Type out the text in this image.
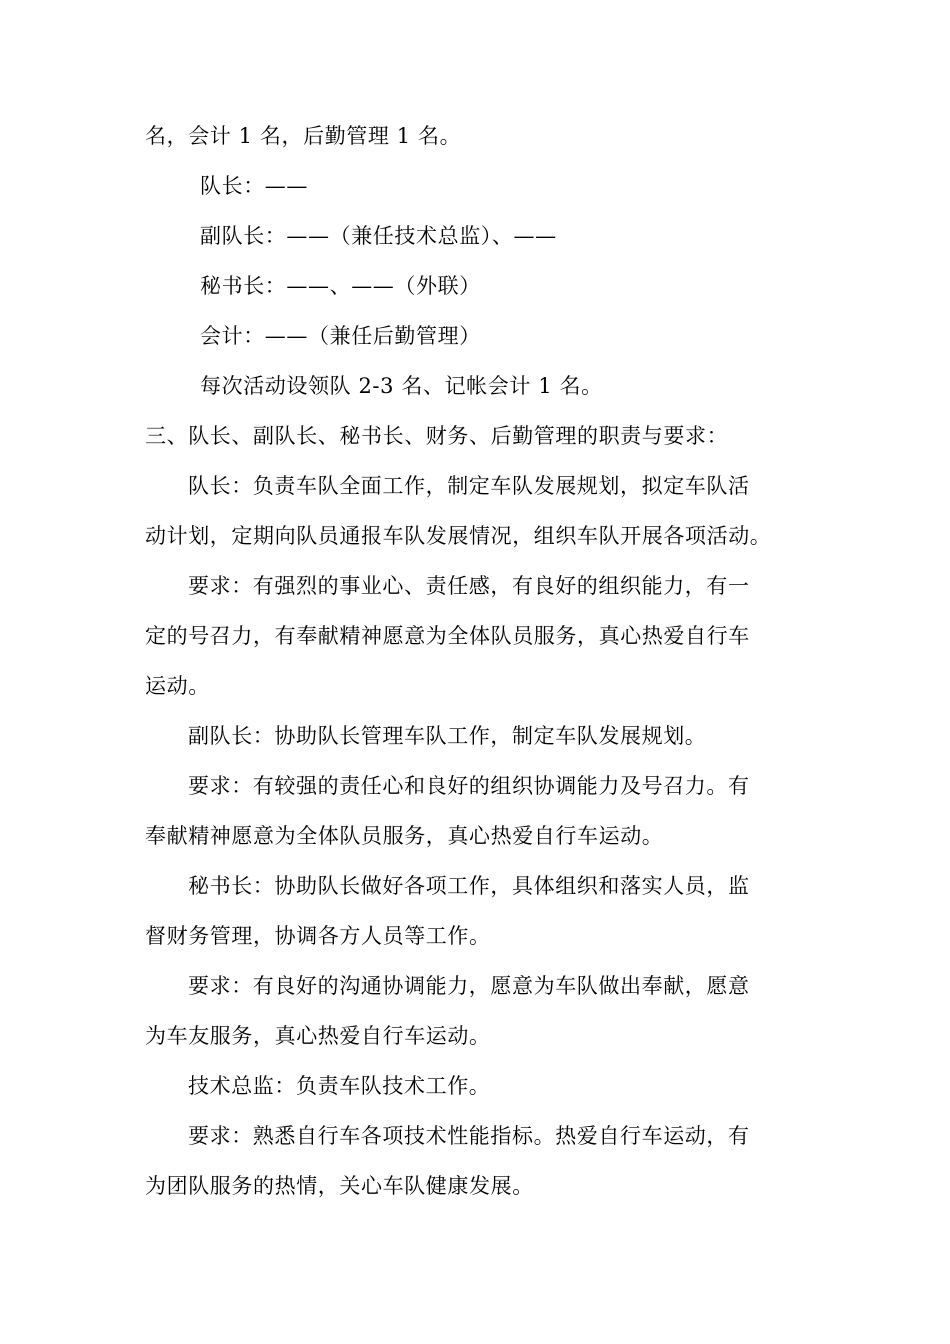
名，会计 1 名，后勤管理 1 名。
队长：——
副队长：——（兼任技术总监）、——
秘书长：——、——（外联）
会计：——（兼任后勤管理）
每次活动设领队 2-3 名、记帐会计 1 名。
三、队长、副队长、秘书长、财务、后勤管理的职责与要求：
队长：负责车队全面工作，制定车队发展规划，拟定车队活
动计划，定期向队员通报车队发展情况，组织车队开展各项活动。
要求：有强烈的事业心、责任感，有良好的组织能力，有一
定的号召力，有奉献精神愿意为全体队员服务，真心热爱自行车
运动。
副队长：协助队长管理车队工作，制定车队发展规划。
要求：有较强的责任心和良好的组织协调能力及号召力。有
奉献精神愿意为全体队员服务，真心热爱自行车运动。
秘书长：协助队长做好各项工作，具体组织和落实人员，监
督财务管理，协调各方人员等工作。
要求：有良好的沟通协调能力，愿意为车队做出奉献，愿意
为车友服务，真心热爱自行车运动。
技术总监：负责车队技术工作。
要求：熟悉自行车各项技术性能指标。热爱自行车运动，有
为团队服务的热情，关心车队健康发展。
